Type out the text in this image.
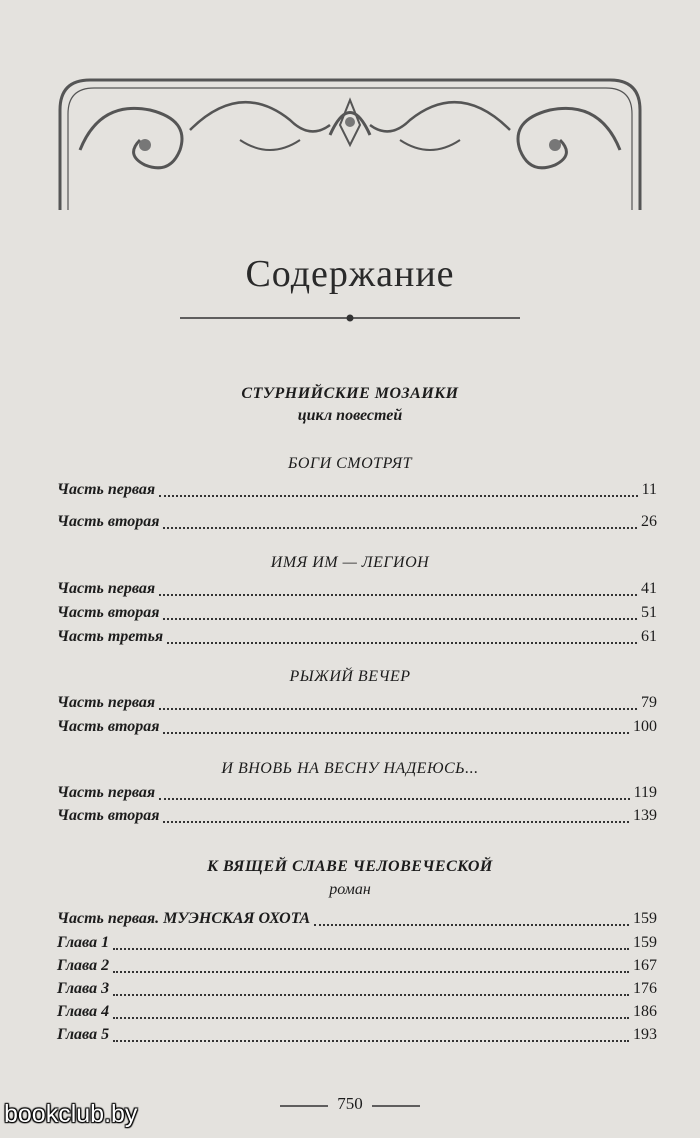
Содержание
СТУРНИЙСКИЕ МОЗАИКИ
цикл повестей
БОГИ СМОТРЯТ
Часть первая	11
Часть вторая	26
ИМЯ ИМ — ЛЕГИОН
Часть первая	41
Часть вторая	51
Часть третья	61
РЫЖИЙ ВЕЧЕР
Часть первая	79
Часть вторая	100
И ВНОВЬ НА ВЕСНУ НАДЕЮСЬ...
Часть первая	119
Часть вторая	139
К ВЯЩЕЙ СЛАВЕ ЧЕЛОВЕЧЕСКОЙ
роман
Часть первая. МУЭНСКАЯ ОХОТА	159
Глава 1	159
Глава 2	167
Глава 3	176
Глава 4	186
Глава 5	193
750
bookclub.by
